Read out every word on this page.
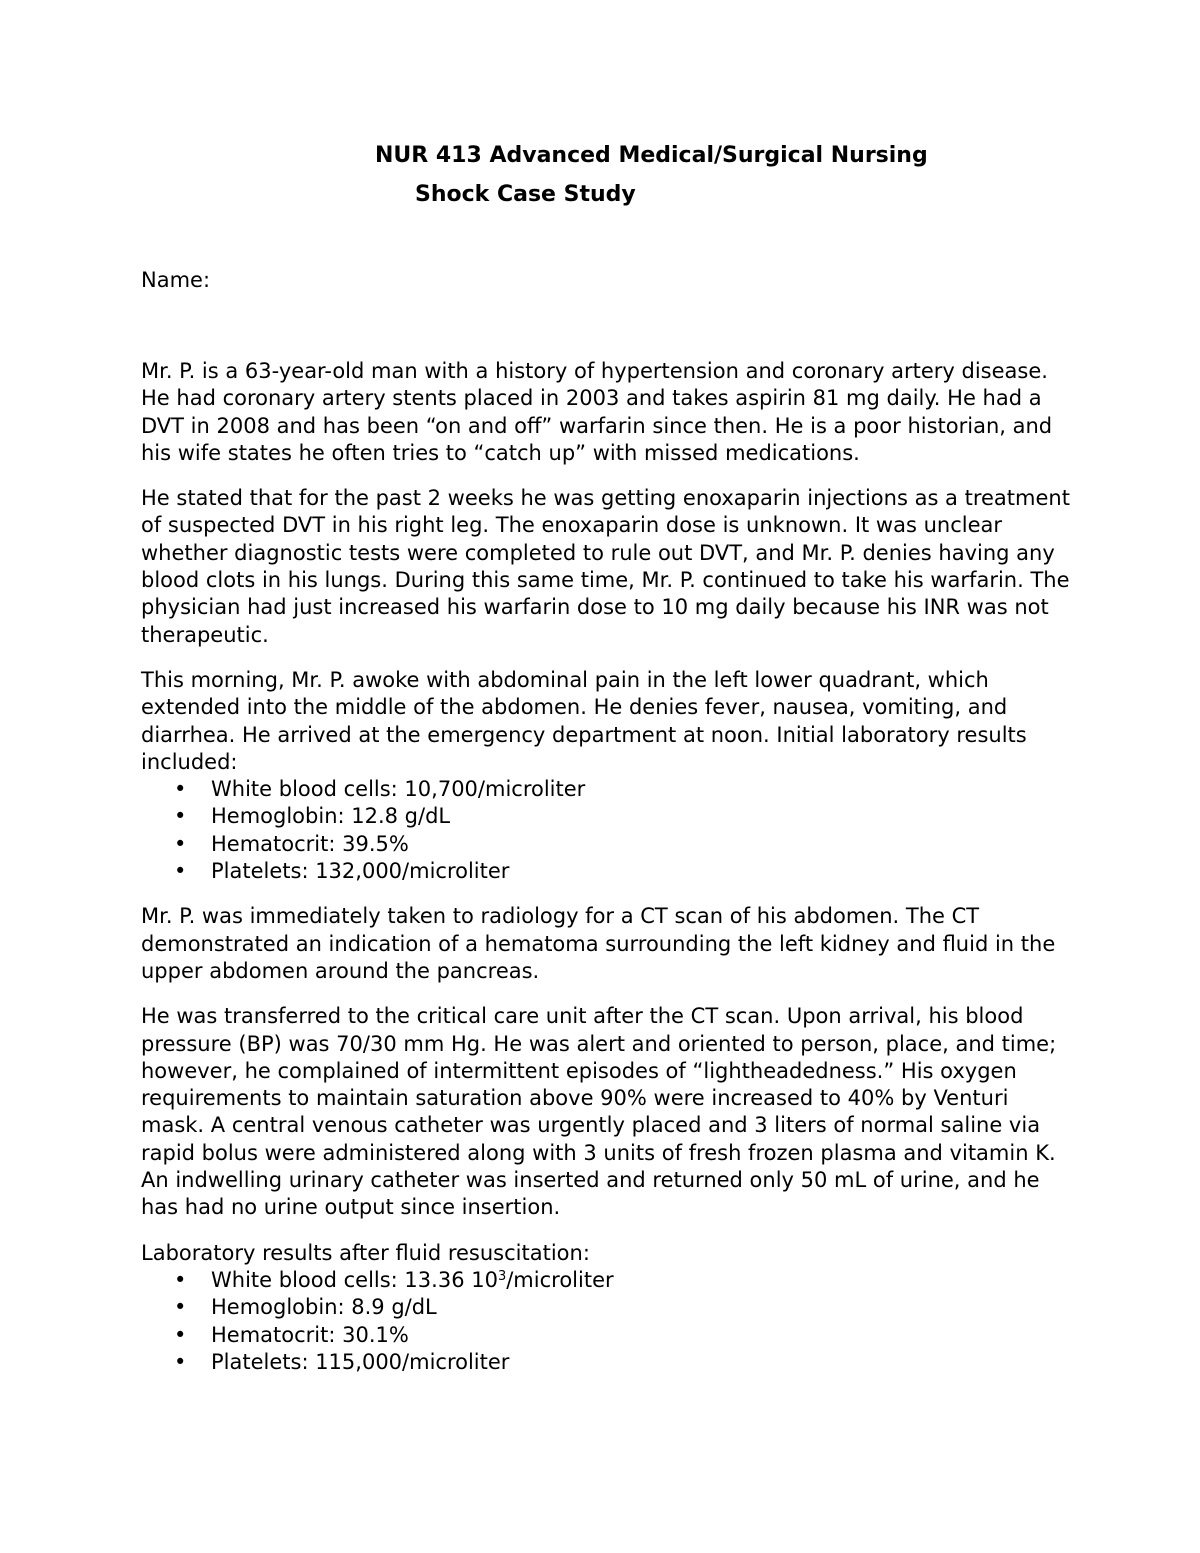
NUR 413 Advanced Medical/Surgical Nursing
Shock Case Study
Name:

Mr. P. is a 63-year-old man with a history of hypertension and coronary artery disease. He had coronary artery stents placed in 2003 and takes aspirin 81 mg daily. He had a DVT in 2008 and has been “on and off” warfarin since then. He is a poor historian, and his wife states he often tries to “catch up” with missed medications.

He stated that for the past 2 weeks he was getting enoxaparin injections as a treatment of suspected DVT in his right leg. The enoxaparin dose is unknown. It was unclear whether diagnostic tests were completed to rule out DVT, and Mr. P. denies having any blood clots in his lungs. During this same time, Mr. P. continued to take his warfarin. The physician had just increased his warfarin dose to 10 mg daily because his INR was not therapeutic.

This morning, Mr. P. awoke with abdominal pain in the left lower quadrant, which extended into the middle of the abdomen. He denies fever, nausea, vomiting, and diarrhea. He arrived at the emergency department at noon. Initial laboratory results included:

• White blood cells: 10,700/microliter
• Hemoglobin: 12.8 g/dL
• Hematocrit: 39.5%
• Platelets: 132,000/microliter

Mr. P. was immediately taken to radiology for a CT scan of his abdomen. The CT demonstrated an indication of a hematoma surrounding the left kidney and fluid in the upper abdomen around the pancreas.

He was transferred to the critical care unit after the CT scan. Upon arrival, his blood pressure (BP) was 70/30 mm Hg. He was alert and oriented to person, place, and time; however, he complained of intermittent episodes of “lightheadedness.” His oxygen requirements to maintain saturation above 90% were increased to 40% by Venturi mask. A central venous catheter was urgently placed and 3 liters of normal saline via rapid bolus were administered along with 3 units of fresh frozen plasma and vitamin K. An indwelling urinary catheter was inserted and returned only 50 mL of urine, and he has had no urine output since insertion.

Laboratory results after fluid resuscitation:

• White blood cells: 13.36 $10^3$/microliter
• Hemoglobin: 8.9 g/dL
• Hematocrit: 30.1%
• Platelets: 115,000/microliter
